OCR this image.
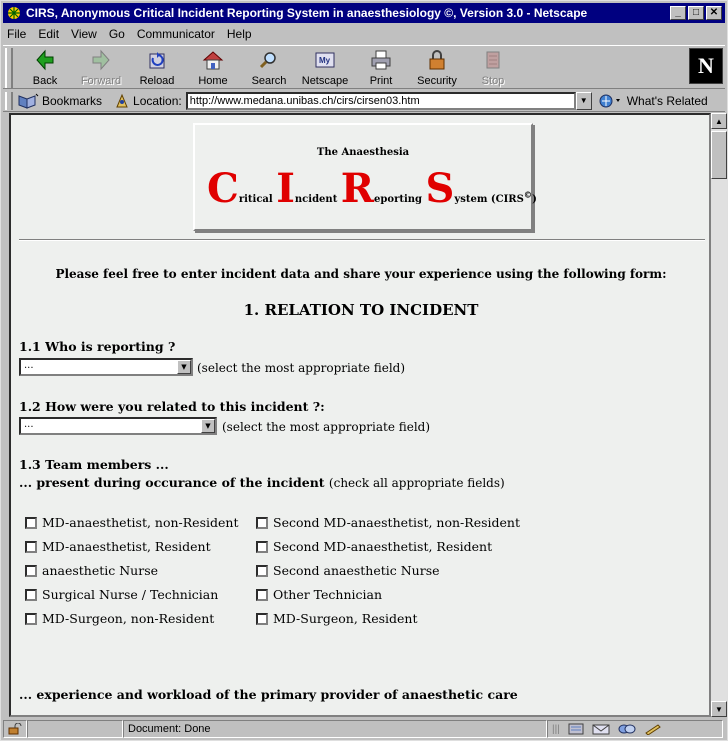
CIRS, Anonymous Critical Incident Reporting System in anaesthesiology ©, Version 3.0 - Netscape	_ □ ✕
File Edit View Go Communicator Help
Back Forward Reload Home Search
My
Netscape Print Security Stop
N
Bookmarks	Location: http://www.medana.unibas.ch/cirs/cirsen03.htm	▼	What's Related
The Anaesthesia
Critical Incident Reporting System (CIRS©)
Please feel free to enter incident data and share your experience using the following form:
1. RELATION TO INCIDENT
1.1 Who is reporting ?
...	▼ (select the most appropriate field)
1.2 How were you related to this incident ?:
...	▼ (select the most appropriate field)
1.3 Team members ...
... present during occurance of the incident (check all appropriate fields)
MD-anaesthetist, non-Resident
MD-anaesthetist, Resident
anaesthetic Nurse
Surgical Nurse / Technician
MD-Surgeon, non-Resident
Second MD-anaesthetist, non-Resident
Second MD-anaesthetist, Resident
Second anaesthetic Nurse
Other Technician
MD-Surgeon, Resident
... experience and workload of the primary provider of anaesthetic care
▲
▼
Document: Done	|||
